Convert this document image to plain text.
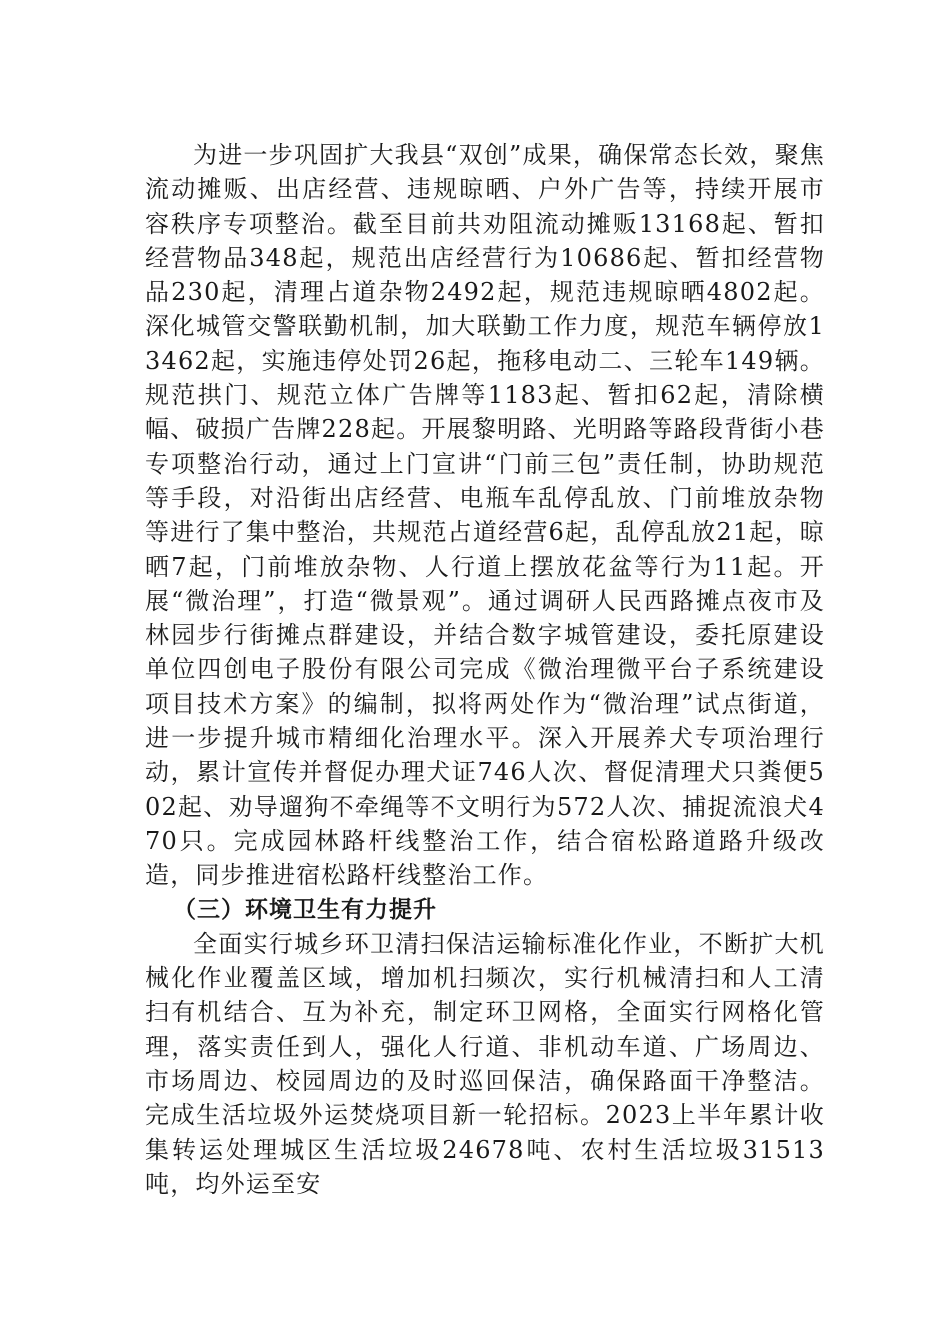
为进一步巩固扩大我县“双创”成果，确保常态长效，聚焦流动摊贩、出店经营、违规晾晒、户外广告等，持续开展市容秩序专项整治。截至目前共劝阻流动摊贩13168起、暂扣经营物品348起，规范出店经营行为10686起、暂扣经营物品230起，清理占道杂物2492起，规范违规晾晒4802起。深化城管交警联勤机制，加大联勤工作力度，规范车辆停放13462起，实施违停处罚26起，拖移电动二、三轮车149辆。规范拱门、规范立体广告牌等1183起、暂扣62起，清除横幅、破损广告牌228起。开展黎明路、光明路等路段背街小巷专项整治行动，通过上门宣讲“门前三包”责任制，协助规范等手段，对沿街出店经营、电瓶车乱停乱放、门前堆放杂物等进行了集中整治，共规范占道经营6起，乱停乱放21起，晾晒7起，门前堆放杂物、人行道上摆放花盆等行为11起。开展“微治理”，打造“微景观”。通过调研人民西路摊点夜市及林园步行街摊点群建设，并结合数字城管建设，委托原建设单位四创电子股份有限公司完成《微治理微平台子系统建设项目技术方案》的编制，拟将两处作为“微治理”试点街道，进一步提升城市精细化治理水平。深入开展养犬专项治理行动，累计宣传并督促办理犬证746人次、督促清理犬只粪便502起、劝导遛狗不牵绳等不文明行为572人次、捕捉流浪犬470只。完成园林路杆线整治工作，结合宿松路道路升级改造，同步推进宿松路杆线整治工作。

（三）环境卫生有力提升

全面实行城乡环卫清扫保洁运输标准化作业，不断扩大机械化作业覆盖区域，增加机扫频次，实行机械清扫和人工清扫有机结合、互为补充，制定环卫网格，全面实行网格化管理，落实责任到人，强化人行道、非机动车道、广场周边、市场周边、校园周边的及时巡回保洁，确保路面干净整洁。完成生活垃圾外运焚烧项目新一轮招标。2023上半年累计收集转运处理城区生活垃圾24678吨、农村生活垃圾31513吨，均外运至安
